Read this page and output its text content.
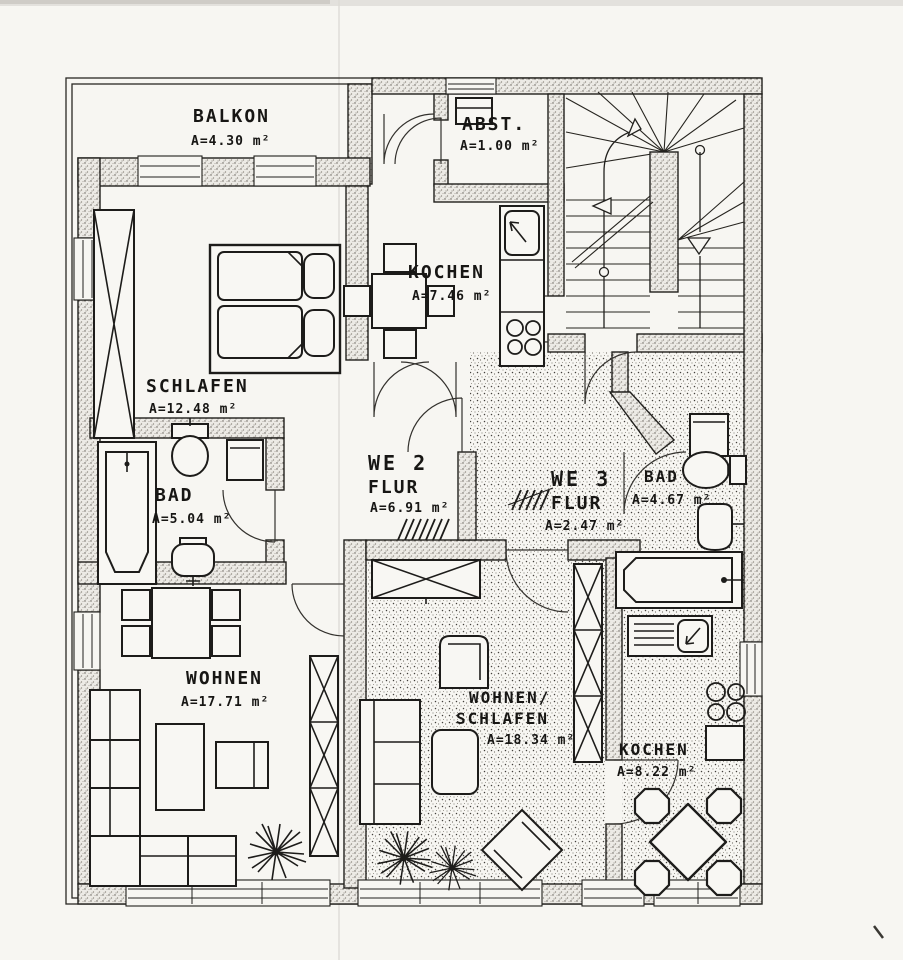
BALKON
A=4.30 m²
ABST.
A=1.00 m²
KOCHEN
A=7.46 m²
SCHLAFEN
A=12.48 m²
BAD
A=5.04 m²
WE 2
FLUR
A=6.91 m²
WE 3
FLUR
A=2.47 m²
BAD
A=4.67 m²
WOHNEN
A=17.71 m²	WOHNEN/
SCHLAFEN
A=18.34 m²	KOCHEN
A=8.22 m²
